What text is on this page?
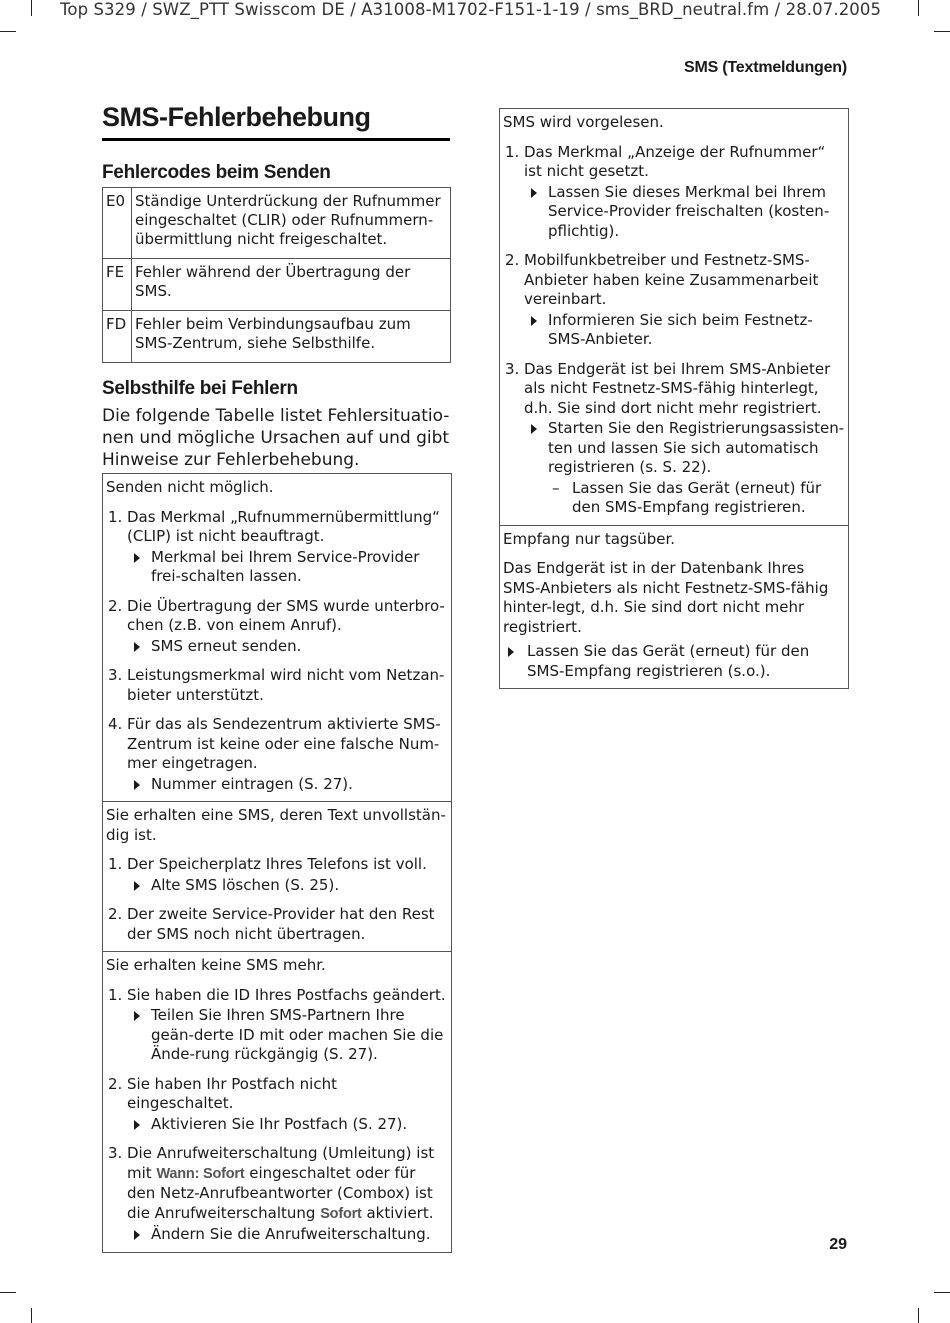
Top S329 / SWZ_PTT Swisscom DE / A31008-M1702-F151-1-19 / sms_BRD_neutral.fm / 28.07.2005
SMS (Textmeldungen)
SMS-Fehlerbehebung
Fehlercodes beim Senden
E0	Ständige Unterdrückung der Rufnummer eingeschaltet (CLIR) oder Rufnummern-übermittlung nicht freigeschaltet.
FE	Fehler während der Übertragung der SMS.
FD	Fehler beim Verbindungsaufbau zum SMS-Zentrum, siehe Selbsthilfe.
Selbsthilfe bei Fehlern
Die folgende Tabelle listet Fehlersituatio-nen und mögliche Ursachen auf und gibt Hinweise zur Fehlerbehebung.
Senden nicht möglich.
1. Das Merkmal „Rufnummernübermittlung“ (CLIP) ist nicht beauftragt.
Merkmal bei Ihrem Service-Provider frei-schalten lassen.
2. Die Übertragung der SMS wurde unterbro-chen (z.B. von einem Anruf).
SMS erneut senden.
3. Leistungsmerkmal wird nicht vom Netzan-bieter unterstützt.
4. Für das als Sendezentrum aktivierte SMS-Zentrum ist keine oder eine falsche Num-mer eingetragen.
Nummer eintragen (S. 27).
Sie erhalten eine SMS, deren Text unvollstän-dig ist.
1. Der Speicherplatz Ihres Telefons ist voll.
Alte SMS löschen (S. 25).
2. Der zweite Service-Provider hat den Rest der SMS noch nicht übertragen.
Sie erhalten keine SMS mehr.
1. Sie haben die ID Ihres Postfachs geändert.
Teilen Sie Ihren SMS-Partnern Ihre geän-derte ID mit oder machen Sie die Ände-rung rückgängig (S. 27).
2. Sie haben Ihr Postfach nicht eingeschaltet.
Aktivieren Sie Ihr Postfach (S. 27).
3. Die Anrufweiterschaltung (Umleitung) ist mit Wann: Sofort eingeschaltet oder für den Netz-Anrufbeantworter (Combox) ist die Anrufweiterschaltung Sofort aktiviert.
Ändern Sie die Anrufweiterschaltung.
SMS wird vorgelesen.
1. Das Merkmal „Anzeige der Rufnummer“ ist nicht gesetzt.
Lassen Sie dieses Merkmal bei Ihrem Service-Provider freischalten (kosten-pflichtig).
2. Mobilfunkbetreiber und Festnetz-SMS-Anbieter haben keine Zusammenarbeit vereinbart.
Informieren Sie sich beim Festnetz-SMS-Anbieter.
3. Das Endgerät ist bei Ihrem SMS-Anbieter als nicht Festnetz-SMS-fähig hinterlegt, d.h. Sie sind dort nicht mehr registriert.
Starten Sie den Registrierungsassisten-ten und lassen Sie sich automatisch registrieren (s. S. 22).
– Lassen Sie das Gerät (erneut) für den SMS-Empfang registrieren.
Empfang nur tagsüber.
Das Endgerät ist in der Datenbank Ihres SMS-Anbieters als nicht Festnetz-SMS-fähig hinter-legt, d.h. Sie sind dort nicht mehr registriert.
Lassen Sie das Gerät (erneut) für den SMS-Empfang registrieren (s.o.).
29
